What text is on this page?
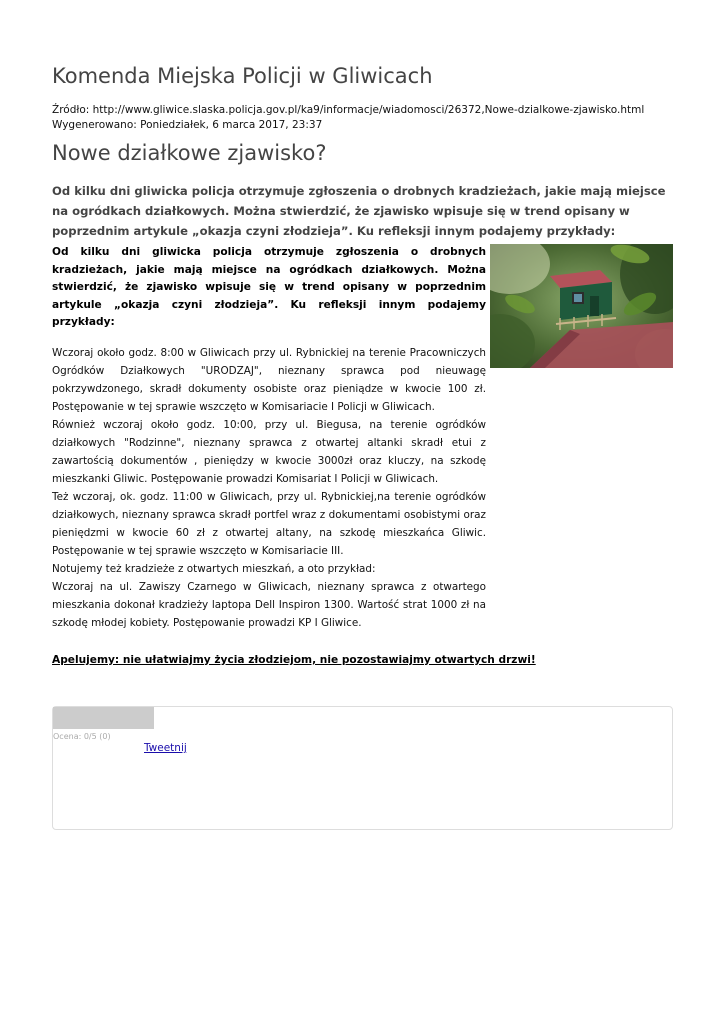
Komenda Miejska Policji w Gliwicach
Źródło: http://www.gliwice.slaska.policja.gov.pl/ka9/informacje/wiadomosci/26372,Nowe-dzialkowe-zjawisko.html
Wygenerowano: Poniedziałek, 6 marca 2017, 23:37
Nowe działkowe zjawisko?
Od kilku dni gliwicka policja otrzymuje zgłoszenia o drobnych kradzieżach, jakie mają miejsce na ogródkach działkowych. Można stwierdzić, że zjawisko wpisuje się w trend opisany w poprzednim artykule „okazja czyni złodzieja”. Ku refleksji innym podajemy przykłady:
Od kilku dni gliwicka policja otrzymuje zgłoszenia o drobnych kradzieżach, jakie mają miejsce na ogródkach działkowych. Można stwierdzić, że zjawisko wpisuje się w trend opisany w poprzednim artykule „okazja czyni złodzieja”. Ku refleksji innym podajemy przykłady:

Wczoraj około godz. 8:00 w Gliwicach przy ul. Rybnickiej na terenie Pracowniczych Ogródków Działkowych "URODZAJ", nieznany sprawca pod nieuwagę pokrzywdzonego, skradł dokumenty osobiste oraz pieniądze w kwocie 100 zł. Postępowanie w tej sprawie wszczęto w Komisariacie I Policji w Gliwicach.

Również wczoraj około godz. 10:00, przy ul. Biegusa, na terenie ogródków działkowych "Rodzinne", nieznany sprawca z otwartej altanki skradł etui z zawartością dokumentów , pieniędzy w kwocie 3000zł oraz kluczy, na szkodę mieszkanki Gliwic. Postępowanie prowadzi Komisariat I Policji w Gliwicach.

Też wczoraj, ok. godz. 11:00 w Gliwicach, przy ul. Rybnickiej,na terenie ogródków działkowych, nieznany sprawca skradł portfel wraz z dokumentami osobistymi oraz pieniędzmi w kwocie 60 zł z otwartej altany, na szkodę mieszkańca Gliwic. Postępowanie w tej sprawie wszczęto w Komisariacie III.

Notujemy też kradzieże z otwartych mieszkań, a oto przykład:

Wczoraj na ul. Zawiszy Czarnego w Gliwicach, nieznany sprawca z otwartego mieszkania dokonał kradzieży laptopa Dell Inspiron 1300. Wartość strat 1000 zł na szkodę młodej kobiety. Postępowanie prowadzi KP I Gliwice.

Apelujemy: nie ułatwiajmy życia złodziejom, nie pozostawiajmy otwartych drzwi!
Ocena: 0/5 (0)
Tweetnij
